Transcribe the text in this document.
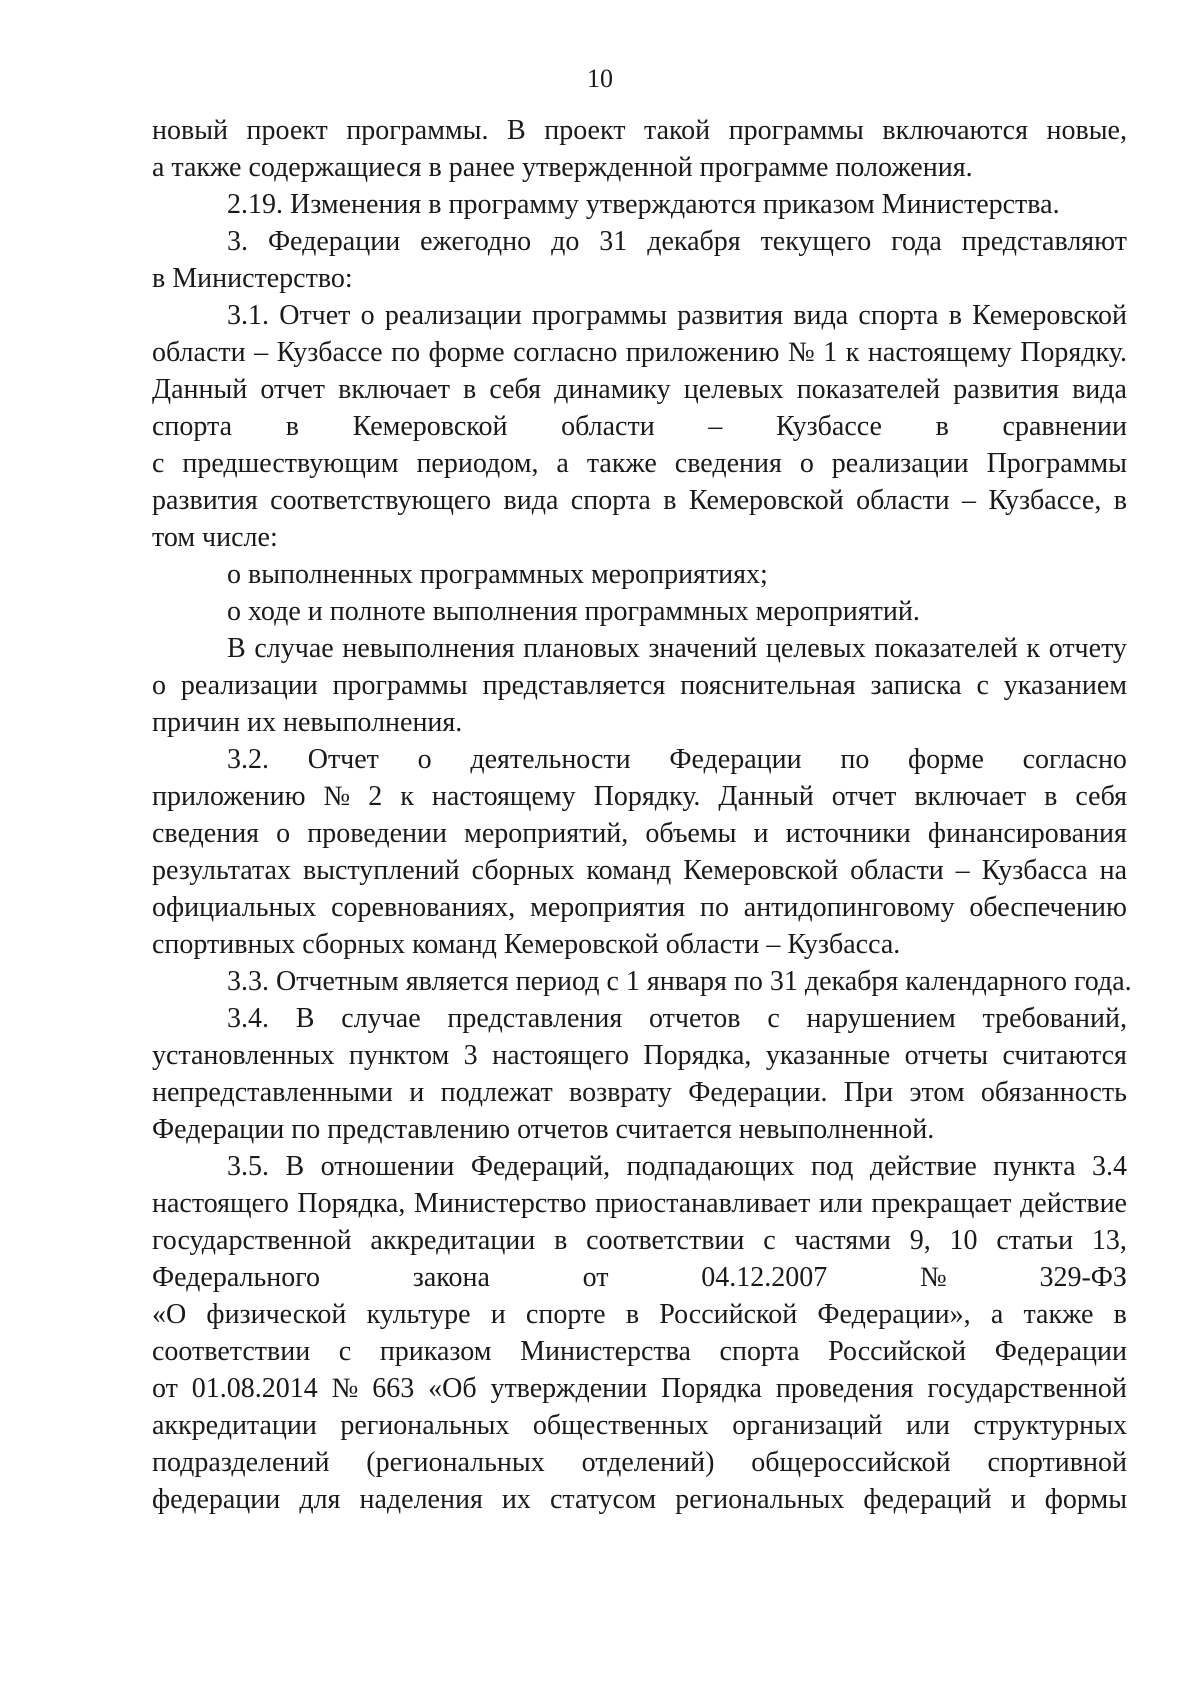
10
новый проект программы. В проект такой программы включаются новые,
а также содержащиеся в ранее утвержденной программе положения.
2.19. Изменения в программу утверждаются приказом Министерства.
3. Федерации ежегодно до 31 декабря текущего года представляют
в Министерство:
3.1. Отчет о реализации программы развития вида спорта в Кемеровской
области – Кузбассе по форме согласно приложению № 1 к настоящему Порядку.
Данный отчет включает в себя динамику целевых показателей развития вида
спорта в Кемеровской области – Кузбассе в сравнении
с предшествующим периодом, а также сведения о реализации Программы
развития соответствующего вида спорта в Кемеровской области – Кузбассе, в
том числе:
о выполненных программных мероприятиях;
о ходе и полноте выполнения программных мероприятий.
В случае невыполнения плановых значений целевых показателей к отчету
о реализации программы представляется пояснительная записка с указанием
причин их невыполнения.
3.2. Отчет о деятельности Федерации по форме согласно
приложению № 2 к настоящему Порядку. Данный отчет включает в себя
сведения о проведении мероприятий, объемы и источники финансирования
результатах выступлений сборных команд Кемеровской области – Кузбасса на
официальных соревнованиях, мероприятия по антидопинговому обеспечению
спортивных сборных команд Кемеровской области – Кузбасса.
3.3. Отчетным является период с 1 января по 31 декабря календарного года.
3.4. В случае представления отчетов с нарушением требований,
установленных пунктом 3 настоящего Порядка, указанные отчеты считаются
непредставленными и подлежат возврату Федерации. При этом обязанность
Федерации по представлению отчетов считается невыполненной.
3.5. В отношении Федераций, подпадающих под действие пункта 3.4
настоящего Порядка, Министерство приостанавливает или прекращает действие
государственной аккредитации в соответствии с частями 9, 10 статьи 13,
Федерального	закона	от	04.12.2007	№	329-ФЗ
«О физической культуре и спорте в Российской Федерации», а также в
соответствии с приказом Министерства спорта Российской Федерации
от 01.08.2014 № 663 «Об утверждении Порядка проведения государственной
аккредитации региональных общественных организаций или структурных
подразделений (региональных отделений) общероссийской спортивной
федерации для наделения их статусом региональных федераций и формы
